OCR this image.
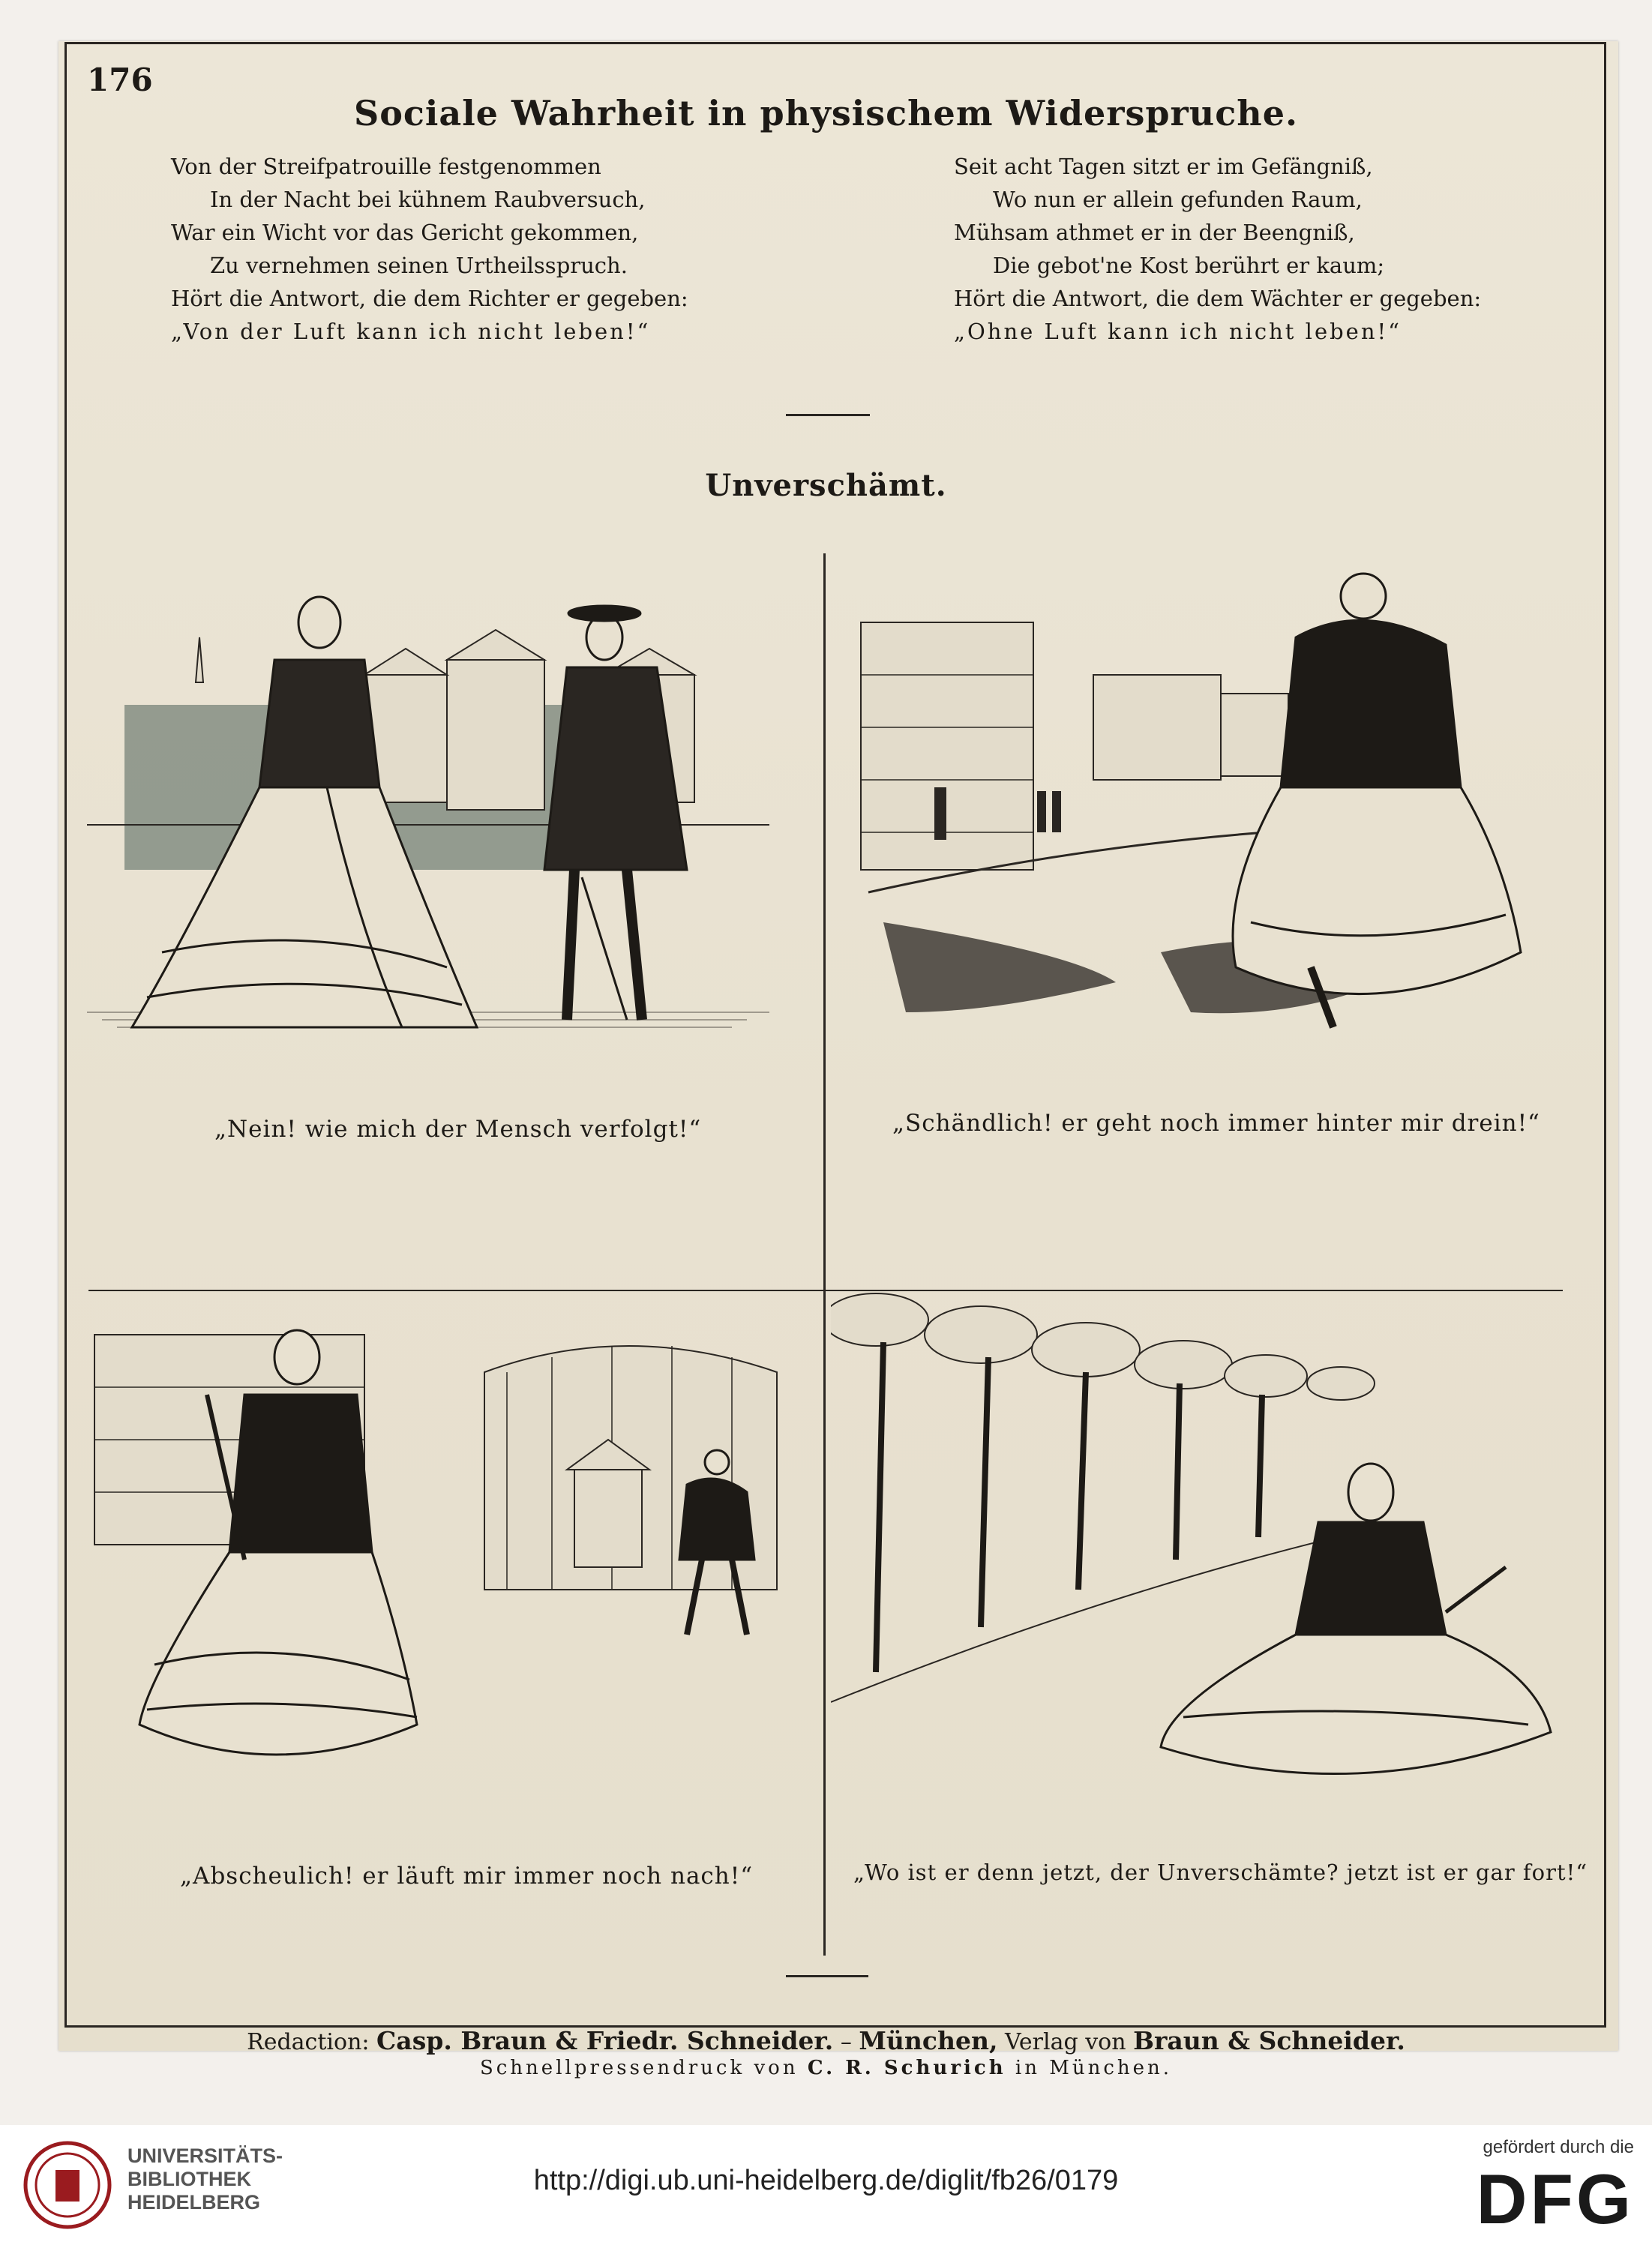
176
Sociale Wahrheit in physischem Widerspruche.
Von der Streifpatrouille festgenommen
In der Nacht bei kühnem Raubversuch,
War ein Wicht vor das Gericht gekommen,
Zu vernehmen seinen Urtheilsspruch.
Hört die Antwort, die dem Richter er gegeben:
„Von der Luft kann ich nicht leben!“
Seit acht Tagen sitzt er im Gefängniß,
Wo nun er allein gefunden Raum,
Mühsam athmet er in der Beengniß,
Die gebot'ne Kost berührt er kaum;
Hört die Antwort, die dem Wächter er gegeben:
„Ohne Luft kann ich nicht leben!“
Unverschämt.
„Nein! wie mich der Mensch verfolgt!“	„Schändlich! er geht noch immer hinter mir drein!“
„Abscheulich! er läuft mir immer noch nach!“	„Wo ist er denn jetzt, der Unverschämte? jetzt ist er gar fort!“
Redaction: Casp. Braun & Friedr. Schneider. – München, Verlag von Braun & Schneider.
Schnellpressendruck von C. R. Schurich in München.
UNIVERSITÄTS-
BIBLIOTHEK
HEIDELBERG
http://digi.ub.uni-heidelberg.de/diglit/fb26/0179
gefördert durch die
DFG
